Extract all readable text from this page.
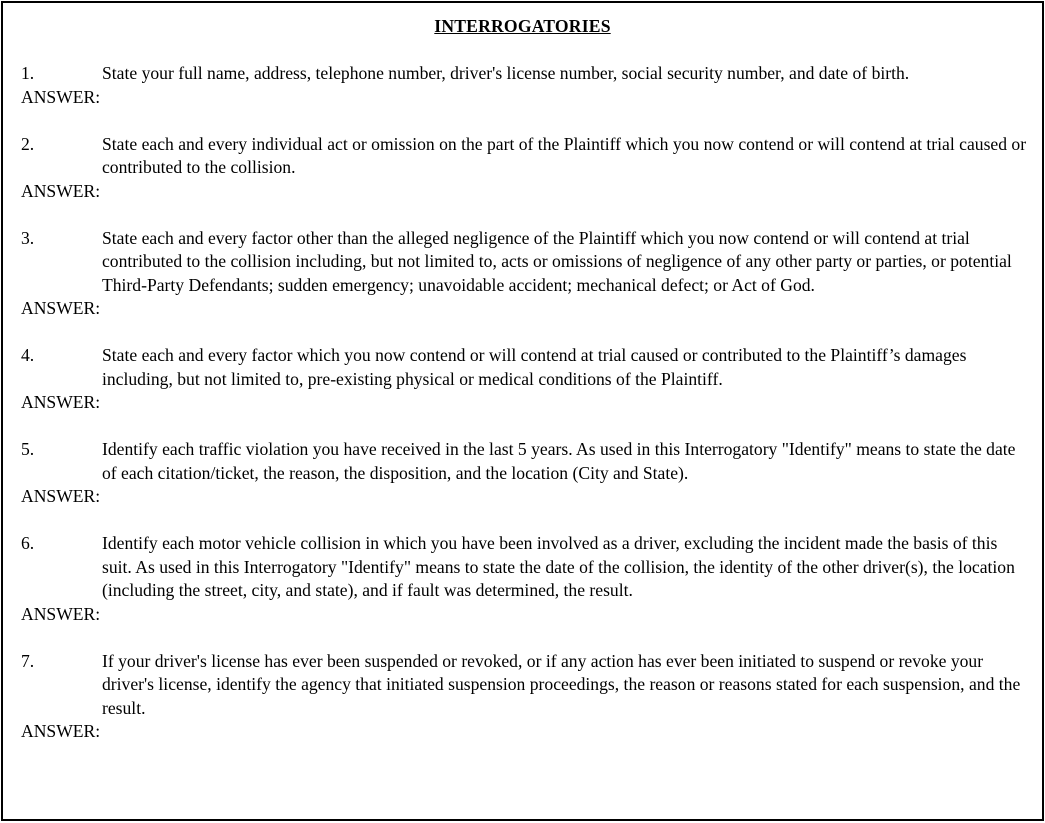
INTERROGATORIES
1.	State your full name, address, telephone number, driver's license number, social security number, and date of birth.
ANSWER:
2.	State each and every individual act or omission on the part of the Plaintiff which you now contend or will contend at trial caused or contributed to the collision.
ANSWER:
3.	State each and every factor other than the alleged negligence of the Plaintiff which you now contend or will contend at trial contributed to the collision including, but not limited to, acts or omissions of negligence of any other party or parties, or potential Third-Party Defendants; sudden emergency; unavoidable accident; mechanical defect; or Act of God.
ANSWER:
4.	State each and every factor which you now contend or will contend at trial caused or contributed to the Plaintiff’s damages including, but not limited to, pre-existing physical or medical conditions of the Plaintiff.
ANSWER:
5.	Identify each traffic violation you have received in the last 5 years. As used in this Interrogatory "Identify" means to state the date of each citation/ticket, the reason, the disposition, and the location (City and State).
ANSWER:
6.	Identify each motor vehicle collision in which you have been involved as a driver, excluding the incident made the basis of this suit. As used in this Interrogatory "Identify" means to state the date of the collision, the identity of the other driver(s), the location (including the street, city, and state), and if fault was determined, the result.
ANSWER:
7.	If your driver's license has ever been suspended or revoked, or if any action has ever been initiated to suspend or revoke your driver's license, identify the agency that initiated suspension proceedings, the reason or reasons stated for each suspension, and the result.
ANSWER:
